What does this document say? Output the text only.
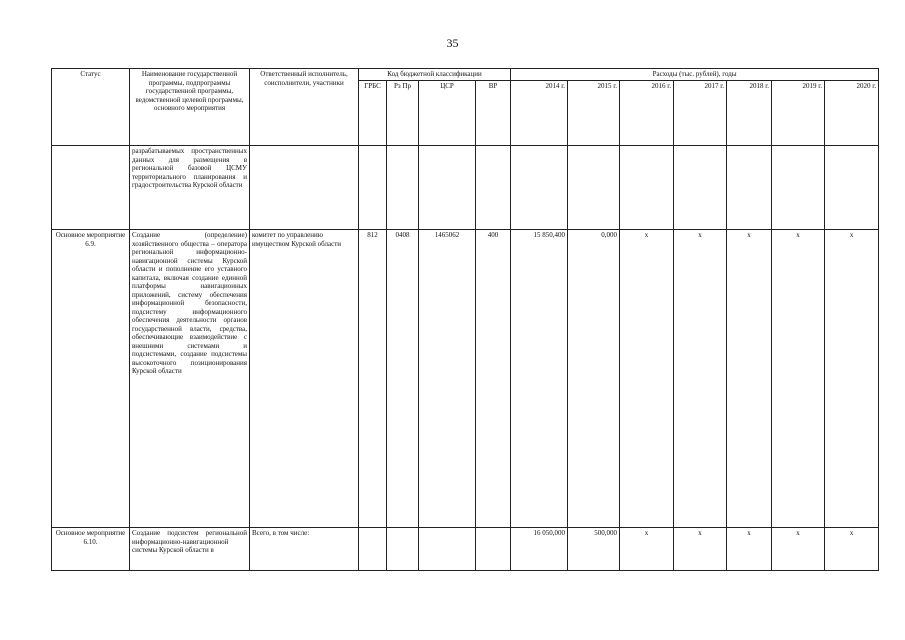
35
Статус	Наименование государственной программы, подпрограммы государственной программы, ведомственной целевой программы, основного мероприятия	Ответственный исполнитель, соисполнители, участники	Код бюджетной классификации				Расходы (тыс. рублей), годы						
			ГРБС	Рз Пр	ЦСР	ВР	2014 г.	2015 г.	2016 г.	2017 г.	2018 г.	2019 г.	2020 г.
	разрабатываемых пространственных данных для размещения в региональной базовой ЦСМУ территориального планирования и градостроительства Курской области												
Основное мероприятие 6.9.	Создание (определение) хозяйственного общества – оператора региональной информационно-навигационной системы Курской области и пополнение его уставного капитала, включая создание единной платформы навигационных приложений, систему обеспечения информационной безопасности, подсистему информационного обеспечения деятельности органов государственной власти, средства, обеспечивающие взаимодействие с внешними системами и подсистемами, создание подсистемы высокоточного позиционирования Курской области	комитет по управлению имуществом Курской области	812	0408	1465062	400	15 850,400	0,000	x	x	x	x	x
Основное мероприятие 6.10.	Создание подсистем региональной информационно-навигационной системы Курской области в	Всего, в том числе:					16 050,000	500,000	x	x	x	x	x
